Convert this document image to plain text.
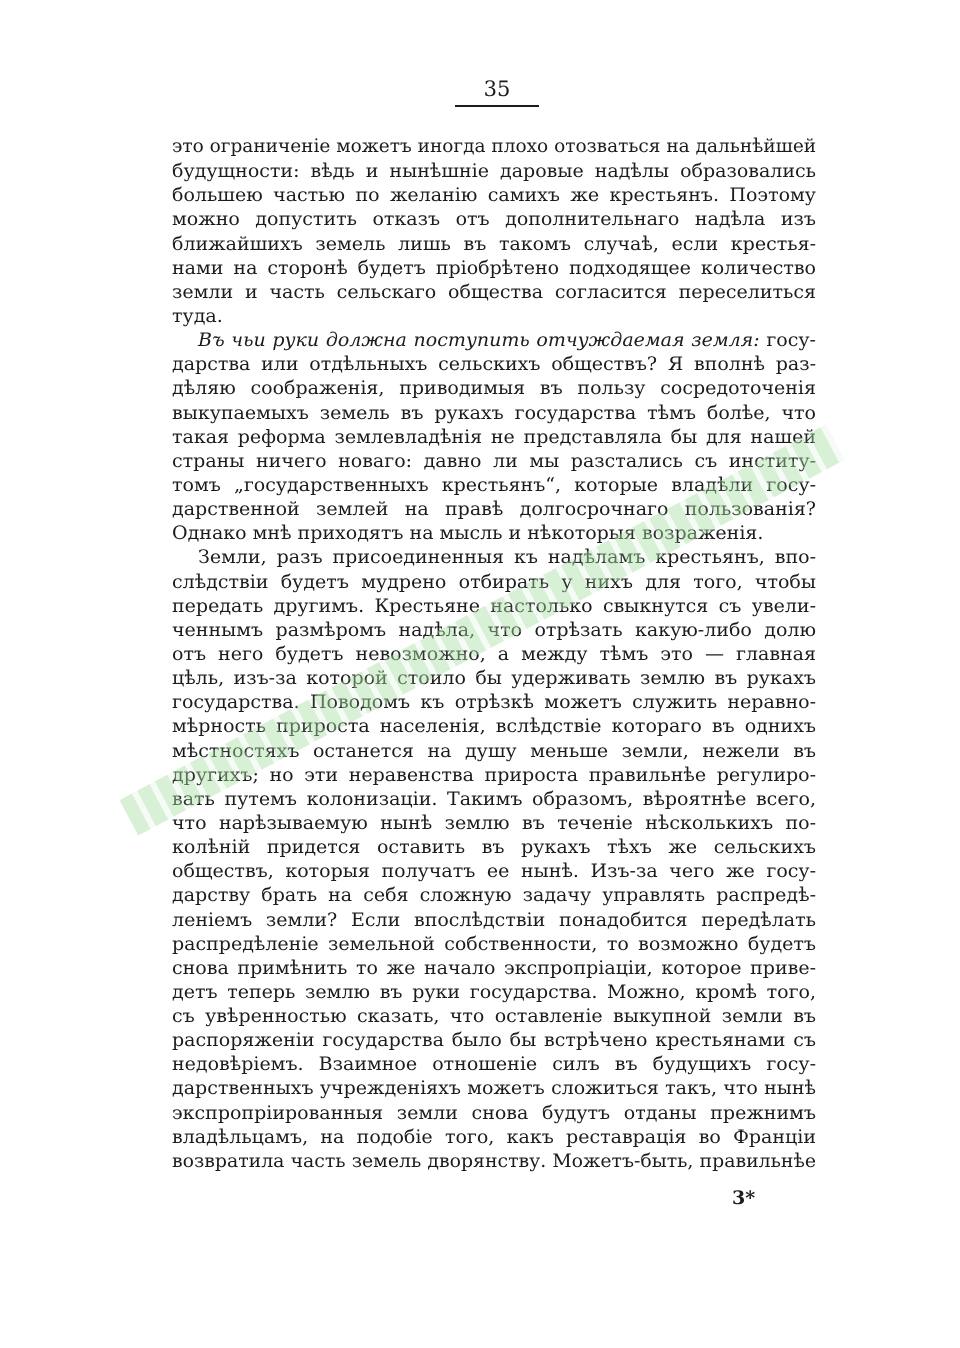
35
это ограниченіе можетъ иногда плохо отозваться на дальнѣйшей
будущности: вѣдь и нынѣшніе даровые надѣлы образовались
большею частью по желанію самихъ же крестьянъ. Поэтому
можно допустить отказъ отъ дополнительнаго надѣла изъ
ближайшихъ земель лишь въ такомъ случаѣ, если крестья-
нами на сторонѣ будетъ пріобрѣтено подходящее количество
земли и часть сельскаго общества согласится переселиться
туда.
Въ чьи руки должна поступить отчуждаемая земля: госу-
дарства или отдѣльныхъ сельскихъ обществъ? Я вполнѣ раз-
дѣляю соображенія, приводимыя въ пользу сосредоточенія
выкупаемыхъ земель въ рукахъ государства тѣмъ болѣе, что
такая реформа землевладѣнія не представляла бы для нашей
страны ничего новаго: давно ли мы разстались съ институ-
томъ „государственныхъ крестьянъ“, которые владѣли госу-
дарственной землей на правѣ долгосрочнаго пользованія?
Однако мнѣ приходятъ на мысль и нѣкоторыя возраженія.
Земли, разъ присоединенныя къ надѣламъ крестьянъ, впо-
слѣдствіи будетъ мудрено отбирать у нихъ для того, чтобы
передать другимъ. Крестьяне настолько свыкнутся съ увели-
ченнымъ размѣромъ надѣла, что отрѣзать какую-либо долю
отъ него будетъ невозможно, а между тѣмъ это — главная
цѣль, изъ-за которой стоило бы удерживать землю въ рукахъ
государства. Поводомъ къ отрѣзкѣ можетъ служить неравно-
мѣрность прироста населенія, вслѣдствіе котораго въ однихъ
мѣстностяхъ останется на душу меньше земли, нежели въ
другихъ; но эти неравенства прироста правильнѣе регулиро-
вать путемъ колонизаціи. Такимъ образомъ, вѣроятнѣе всего,
что нарѣзываемую нынѣ землю въ теченіе нѣсколькихъ по-
колѣній придется оставить въ рукахъ тѣхъ же сельскихъ
обществъ, которыя получатъ ее нынѣ. Изъ-за чего же госу-
дарству брать на себя сложную задачу управлять распредѣ-
леніемъ земли? Если впослѣдствіи понадобится передѣлать
распредѣленіе земельной собственности, то возможно будетъ
снова примѣнить то же начало экспропріаціи, которое приве-
детъ теперь землю въ руки государства. Можно, кромѣ того,
съ увѣренностью сказать, что оставленіе выкупной земли въ
распоряженіи государства было бы встрѣчено крестьянами съ
недовѣріемъ. Взаимное отношеніе силъ въ будущихъ госу-
дарственныхъ учрежденіяхъ можетъ сложиться такъ, что нынѣ
экспропріированныя земли снова будутъ отданы прежнимъ
владѣльцамъ, на подобіе того, какъ реставрація во Франціи
возвратила часть земель дворянству. Можетъ-быть, правильнѣе
3*
